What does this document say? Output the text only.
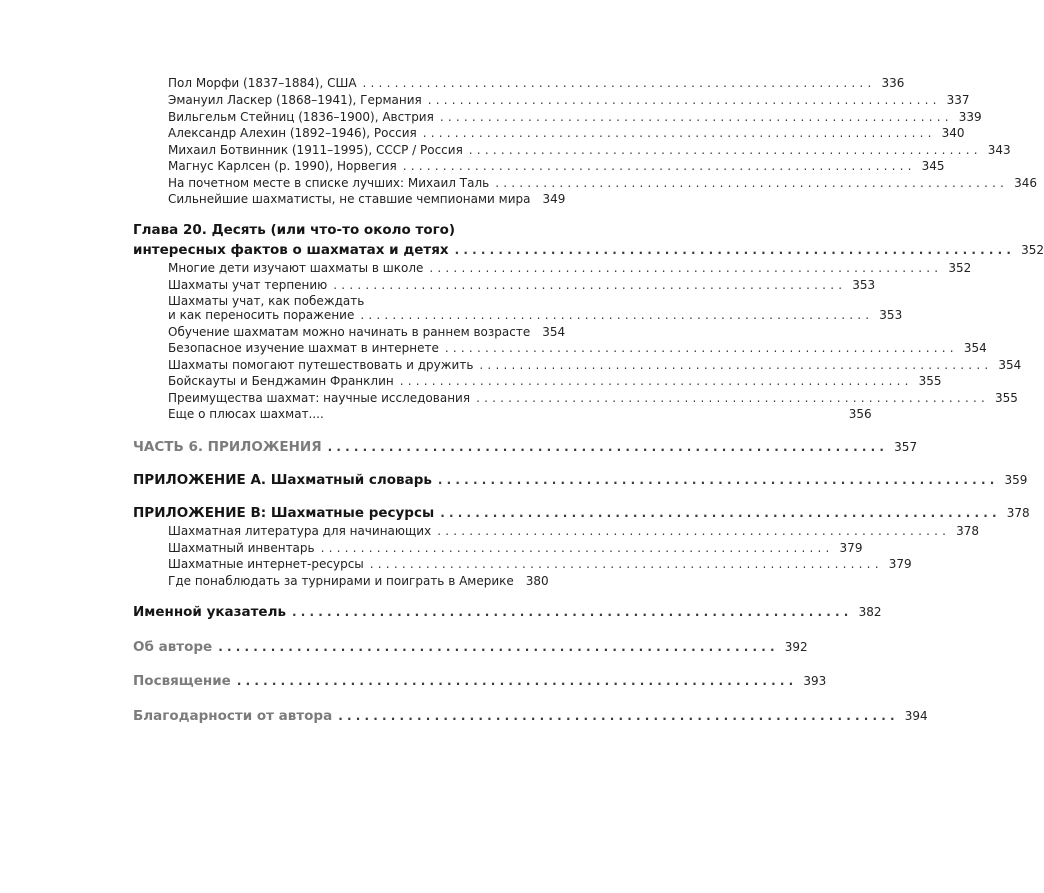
Пол Морфи (1837–1884), США ................................................................ 336
Эмануил Ласкер (1868–1941), Германия ................................................................ 337
Вильгельм Стейниц (1836–1900), Австрия ................................................................ 339
Александр Алехин (1892–1946), Россия ................................................................ 340
Михаил Ботвинник (1911–1995), СССР / Россия ................................................................ 343
Магнус Карлсен (р. 1990), Норвегия ................................................................ 345
На почетном месте в списке лучших: Михаил Таль ................................................................ 346
Сильнейшие шахматисты, не ставшие чемпионами мира 349
Глава 20. Десять (или что-то около того)
интересных фактов о шахматах и детях ................................................................ 352
Многие дети изучают шахматы в школе ................................................................ 352
Шахматы учат терпению ................................................................ 353
Шахматы учат, как побеждать
и как переносить поражение ................................................................ 353
Обучение шахматам можно начинать в раннем возрасте 354
Безопасное изучение шахмат в интернете ................................................................ 354
Шахматы помогают путешествовать и дружить ................................................................ 354
Бойскауты и Бенджамин Франклин ................................................................ 355
Преимущества шахмат: научные исследования ................................................................ 355
Еще о плюсах шахмат....	356
ЧАСТЬ 6. ПРИЛОЖЕНИЯ ................................................................ 357
ПРИЛОЖЕНИЕ А. Шахматный словарь ................................................................ 359
ПРИЛОЖЕНИЕ В: Шахматные ресурсы ................................................................ 378
Шахматная литература для начинающих ................................................................ 378
Шахматный инвентарь ................................................................ 379
Шахматные интернет-ресурсы ................................................................ 379
Где понаблюдать за турнирами и поиграть в Америке 380
Именной указатель ................................................................ 382
Об авторе ................................................................ 392
Посвящение ................................................................ 393
Благодарности от автора ................................................................ 394
